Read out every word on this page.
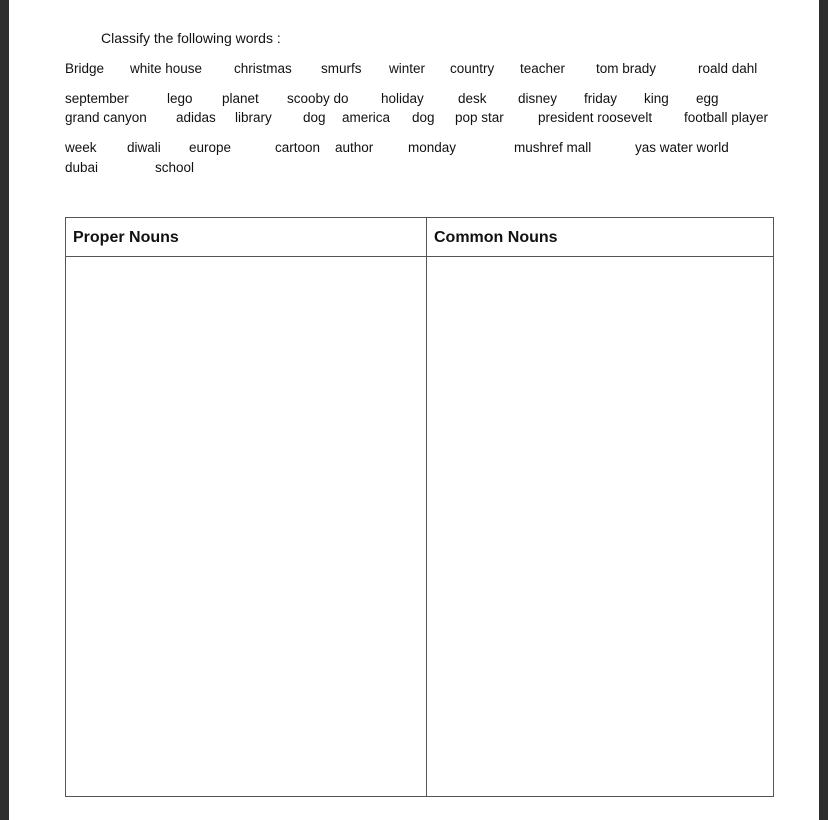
Classify the following words :
Bridge white house christmas smurfs winter country teacher tom brady	roald dahl
september	lego planet scooby do holiday	desk disney friday king egg
grand canyon adidas library dog america dog pop star	president roosevelt football player
week diwali europe	cartoon author	monday	mushref mall	yas water world
dubai	school
Proper Nouns	Common Nouns
